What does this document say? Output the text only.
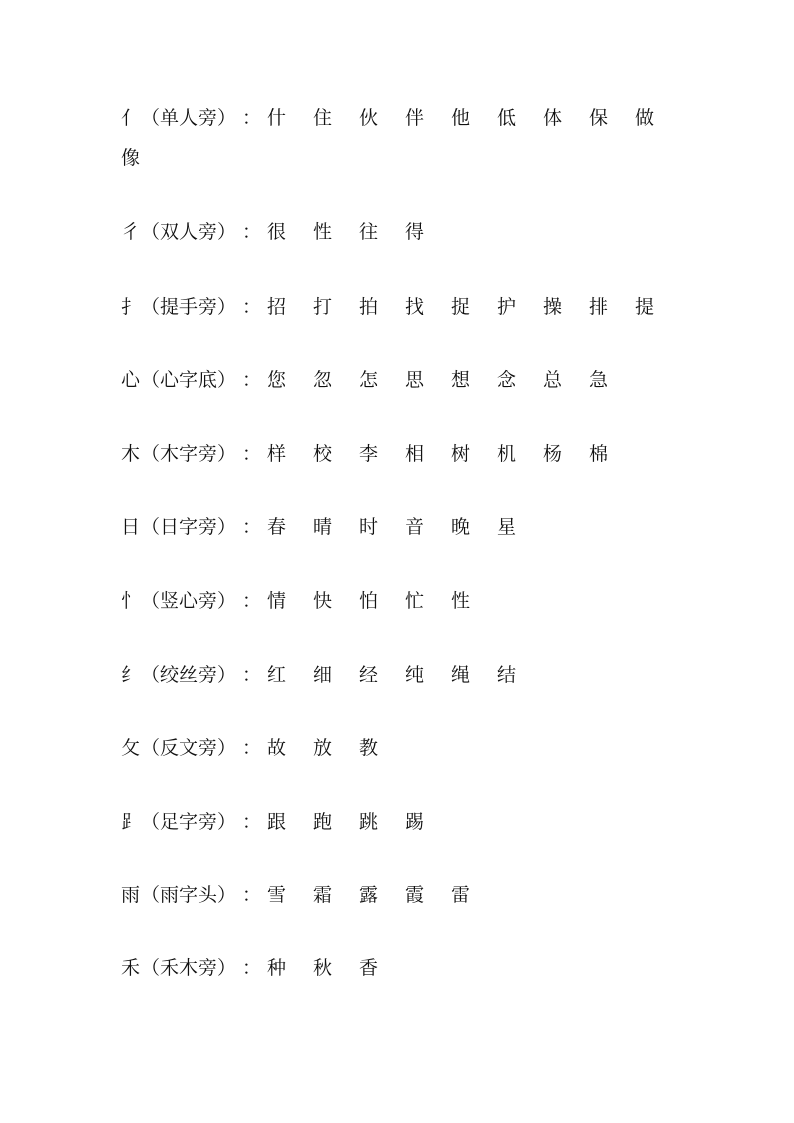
亻（单人旁） ： 什 住 伙 伴 他 低 体 保 做
像
彳（双人旁） ： 很 性 往 得
扌（提手旁） ： 招 打 拍 找 捉 护 操 排 提
心（心字底） ： 您 忽 怎 思 想 念 总 急
木（木字旁） ： 样 校 李 相 树 机 杨 棉
日（日字旁） ： 春 晴 时 音 晚 星
忄（竖心旁） ： 情 快 怕 忙 性
纟（绞丝旁） ： 红 细 经 纯 绳 结
攵（反文旁） ： 故 放 教
⻊（足字旁） ： 跟 跑 跳 踢
雨（雨字头） ： 雪 霜 露 霞 雷
禾（禾木旁） ： 种 秋 香
